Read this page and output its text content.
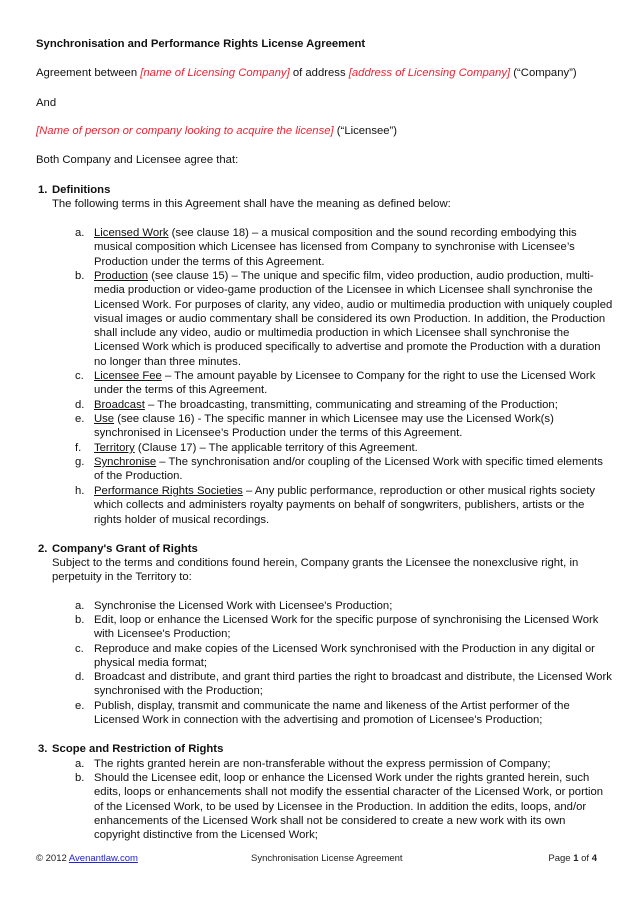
Synchronisation and Performance Rights License Agreement
Agreement between [name of Licensing Company] of address [address of Licensing Company] (“Company”)
And
[Name of person or company looking to acquire the license] (“Licensee”)
Both Company and Licensee agree that:
1. Definitions
The following terms in this Agreement shall have the meaning as defined below:
a. Licensed Work (see clause 18) – a musical composition and the sound recording embodying this musical composition which Licensee has licensed from Company to synchronise with Licensee’s Production under the terms of this Agreement.
b. Production (see clause 15) – The unique and specific film, video production, audio production, multi-media production or video-game production of the Licensee in which Licensee shall synchronise the Licensed Work. For purposes of clarity, any video, audio or multimedia production with uniquely coupled visual images or audio commentary shall be considered its own Production. In addition, the Production shall include any video, audio or multimedia production in which Licensee shall synchronise the Licensed Work which is produced specifically to advertise and promote the Production with a duration no longer than three minutes.
c. Licensee Fee – The amount payable by Licensee to Company for the right to use the Licensed Work under the terms of this Agreement.
d. Broadcast – The broadcasting, transmitting, communicating and streaming of the Production;
e. Use (see clause 16) - The specific manner in which Licensee may use the Licensed Work(s) synchronised in Licensee’s Production under the terms of this Agreement.
f. Territory (Clause 17) – The applicable territory of this Agreement.
g. Synchronise – The synchronisation and/or coupling of the Licensed Work with specific timed elements of the Production.
h. Performance Rights Societies – Any public performance, reproduction or other musical rights society which collects and administers royalty payments on behalf of songwriters, publishers, artists or the rights holder of musical recordings.
2. Company's Grant of Rights
Subject to the terms and conditions found herein, Company grants the Licensee the nonexclusive right, in perpetuity in the Territory to:
a. Synchronise the Licensed Work with Licensee's Production;
b. Edit, loop or enhance the Licensed Work for the specific purpose of synchronising the Licensed Work with Licensee's Production;
c. Reproduce and make copies of the Licensed Work synchronised with the Production in any digital or physical media format;
d. Broadcast and distribute, and grant third parties the right to broadcast and distribute, the Licensed Work synchronised with the Production;
e. Publish, display, transmit and communicate the name and likeness of the Artist performer of the Licensed Work in connection with the advertising and promotion of Licensee's Production;
3. Scope and Restriction of Rights
a. The rights granted herein are non-transferable without the express permission of Company;
b. Should the Licensee edit, loop or enhance the Licensed Work under the rights granted herein, such edits, loops or enhancements shall not modify the essential character of the Licensed Work, or portion of the Licensed Work, to be used by Licensee in the Production. In addition the edits, loops, and/or enhancements of the Licensed Work shall not be considered to create a new work with its own copyright distinctive from the Licensed Work;
© 2012 Avenantlaw.com	Synchronisation License Agreement	Page 1 of 4
